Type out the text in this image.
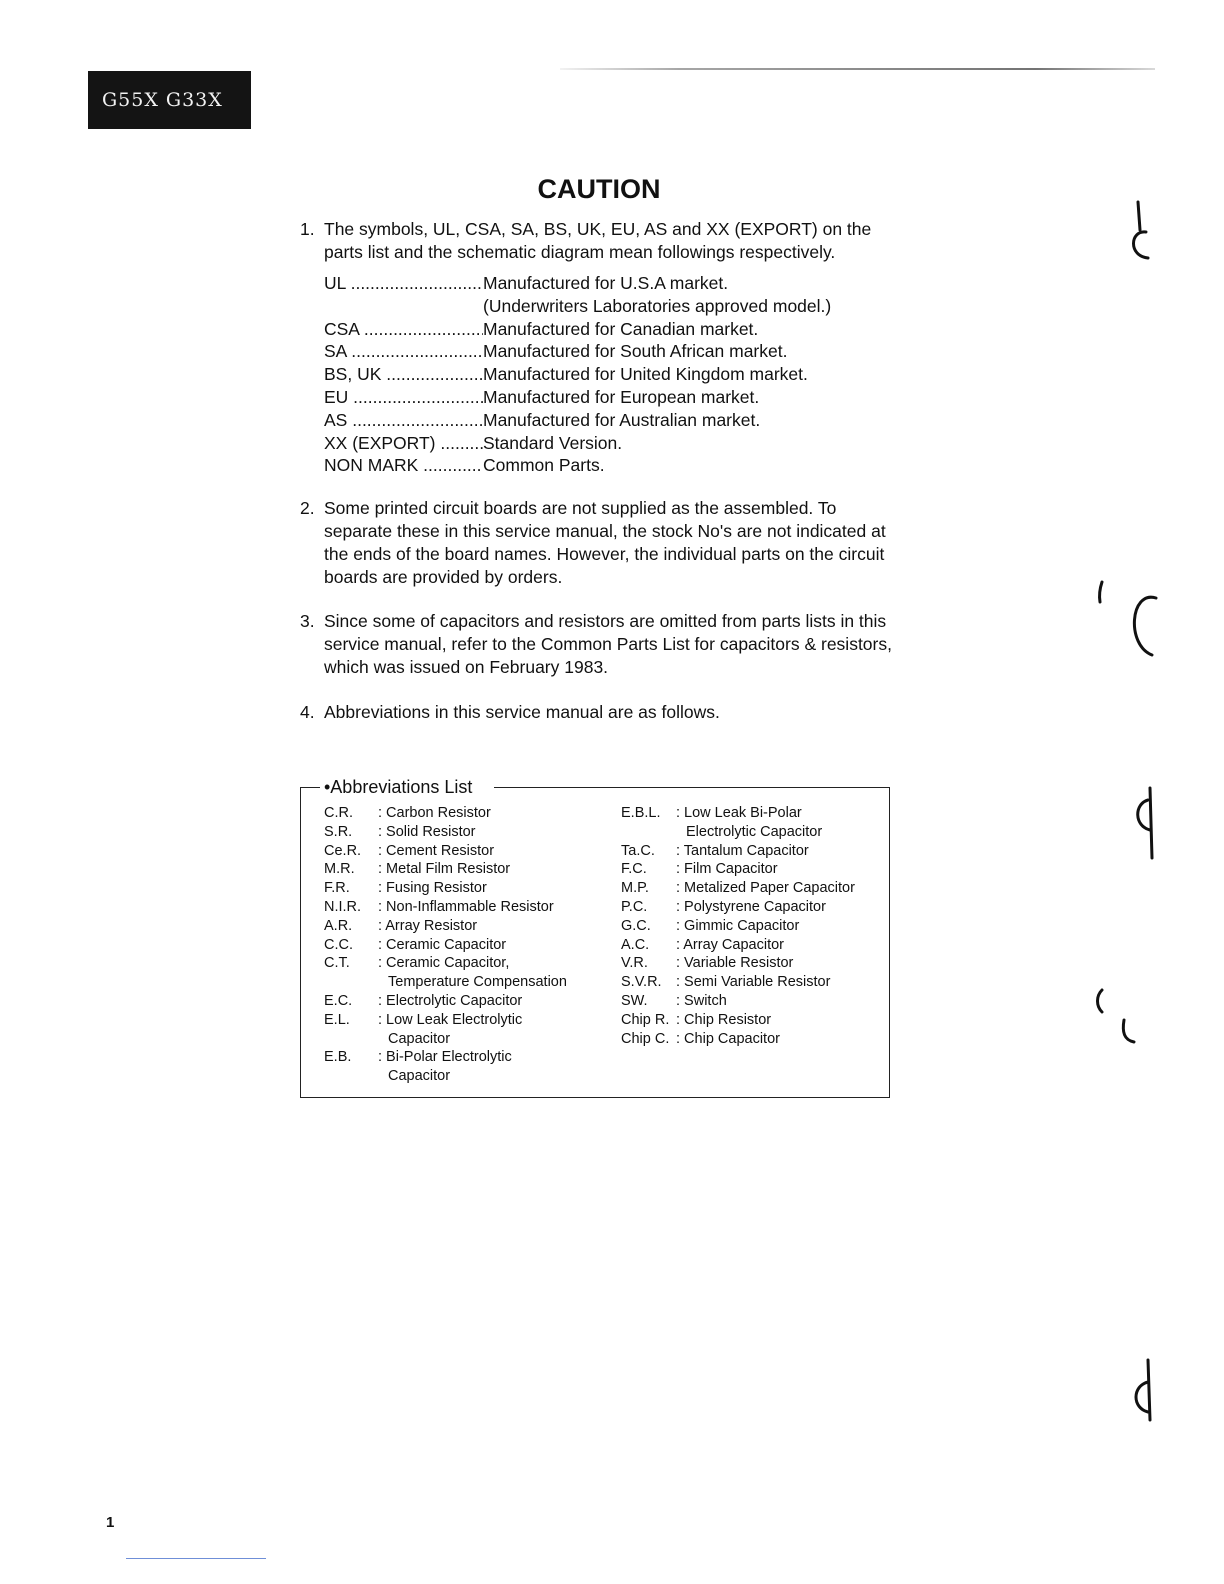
G55X G33X
CAUTION
1. The symbols, UL, CSA, SA, BS, UK, EU, AS and XX (EXPORT) on the parts list and the schematic diagram mean followings respectively.
UL .....	Manufactured for U.S.A market.
(Underwriters Laboratories approved model.)
CSA .....	Manufactured for Canadian market.
SA .....	Manufactured for South African market.
BS, UK .....	Manufactured for United Kingdom market.
EU .....	Manufactured for European market.
AS .....	Manufactured for Australian market.
XX (EXPORT) .....	Standard Version.
NON MARK .....	Common Parts.
2. Some printed circuit boards are not supplied as the assembled. To separate these in this service manual, the stock No's are not indicated at the ends of the board names. However, the individual parts on the circuit boards are provided by orders.
3. Since some of capacitors and resistors are omitted from parts lists in this service manual, refer to the Common Parts List for capacitors & resistors, which was issued on February 1983.
4. Abbreviations in this service manual are as follows.
•Abbreviations List
C.R.	: Carbon Resistor
S.R.	: Solid Resistor
Ce.R.	: Cement Resistor
M.R.	: Metal Film Resistor
F.R.	: Fusing Resistor
N.I.R.	: Non-Inflammable Resistor
A.R.	: Array Resistor
C.C.	: Ceramic Capacitor
C.T.	: Ceramic Capacitor,
Temperature Compensation
E.C.	: Electrolytic Capacitor
E.L.	: Low Leak Electrolytic
Capacitor
E.B.	: Bi-Polar Electrolytic
Capacitor
E.B.L.	: Low Leak Bi-Polar
Electrolytic Capacitor
Ta.C.	: Tantalum Capacitor
F.C.	: Film Capacitor
M.P.	: Metalized Paper Capacitor
P.C.	: Polystyrene Capacitor
G.C.	: Gimmic Capacitor
A.C.	: Array Capacitor
V.R.	: Variable Resistor
S.V.R. : Semi Variable Resistor
SW.	: Switch
Chip R. : Chip Resistor
Chip C. : Chip Capacitor
1
